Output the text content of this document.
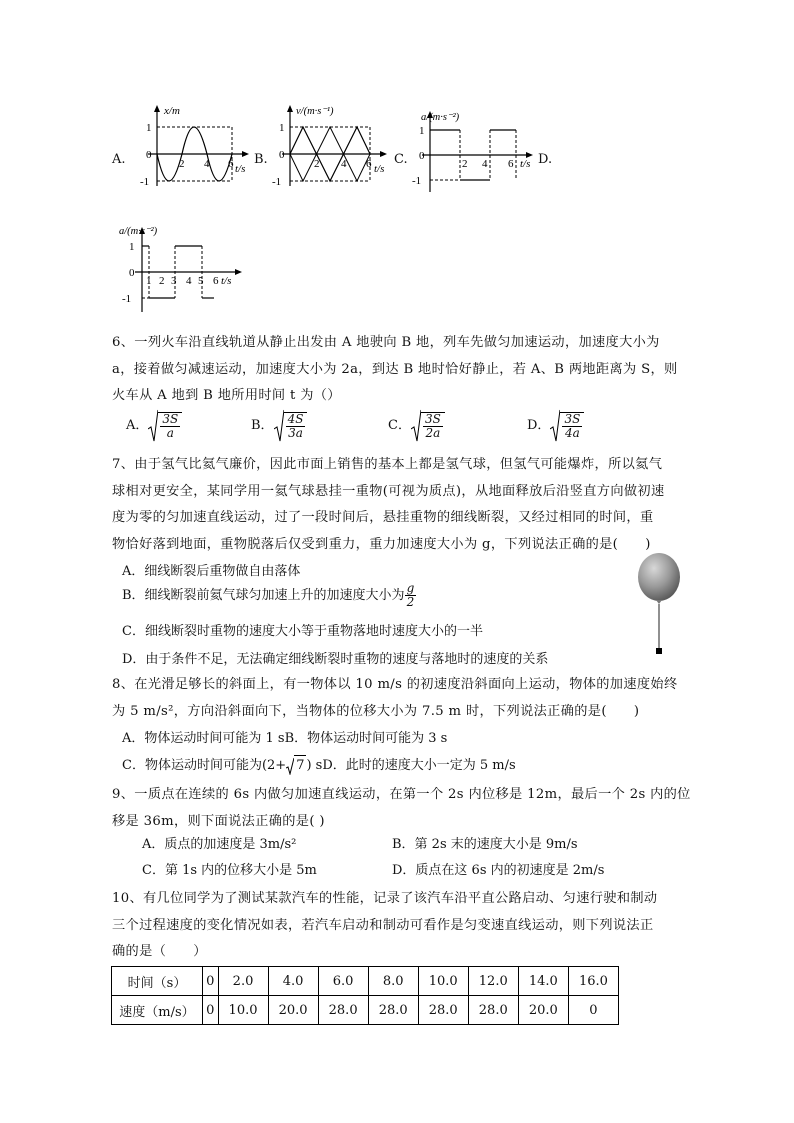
A.
x/m
1
-1
0
2 4 6 t/s
B.
v/(m·s⁻¹)
1
-1
0
2 4 6 t/s
C.
a/(m·s⁻²)
1
-1
0
2 4 6 t/s D.
a/(m·s⁻²)
1
-1
0
1 2 3 4 5 6 t/s
6、一列火车沿直线轨道从静止出发由 A 地驶向 B 地，列车先做匀加速运动，加速度大小为
a，接着做匀减速运动，加速度大小为 2a，到达 B 地时恰好静止，若 A、B 两地距离为 S，则
火车从 A 地到 B 地所用时间 t 为（）
A． $\frac{3S}{a}$	B． $\frac{4S}{3a}$	C． $\frac{3S}{2a}$	D． $\frac{3S}{4a}$
7、由于氢气比氦气廉价，因此市面上销售的基本上都是氢气球，但氢气可能爆炸，所以氦气
球相对更安全，某同学用一氦气球悬挂一重物(可视为质点)，从地面释放后沿竖直方向做初速
度为零的匀加速直线运动，过了一段时间后，悬挂重物的细线断裂，又经过相同的时间，重
物恰好落到地面，重物脱落后仅受到重力，重力加速度大小为 g，下列说法正确的是(　　)
A．细线断裂后重物做自由落体
B．细线断裂前氦气球匀加速上升的加速度大小为 $\frac{g}{2}$
C．细线断裂时重物的速度大小等于重物落地时速度大小的一半
D．由于条件不足，无法确定细线断裂时重物的速度与落地时的速度的关系
8、在光滑足够长的斜面上，有一物体以 10 m/s 的初速度沿斜面向上运动，物体的加速度始终
为 5 m/s²，方向沿斜面向下，当物体的位移大小为 7.5 m 时，下列说法正确的是(　　)
A．物体运动时间可能为 1 sB．物体运动时间可能为 3 s
C．物体运动时间可能为(2+ 7 ) sD．此时的速度大小一定为 5 m/s
9、一质点在连续的 6s 内做匀加速直线运动，在第一个 2s 内位移是 12m，最后一个 2s 内的位
移是 36m，则下面说法正确的是( )
A．质点的加速度是 3m/s²	B．第 2s 末的速度大小是 9m/s
C．第 1s 内的位移大小是 5m	D．质点在这 6s 内的初速度是 2m/s
10、有几位同学为了测试某款汽车的性能，记录了该汽车沿平直公路启动、匀速行驶和制动
三个过程速度的变化情况如表，若汽车启动和制动可看作是匀变速直线运动，则下列说法正
确的是（　　）
时间（s）	0	2.0	4.0	6.0	8.0	10.0	12.0	14.0	16.0
速度（m/s）	0	10.0	20.0	28.0	28.0	28.0	28.0	20.0	0
